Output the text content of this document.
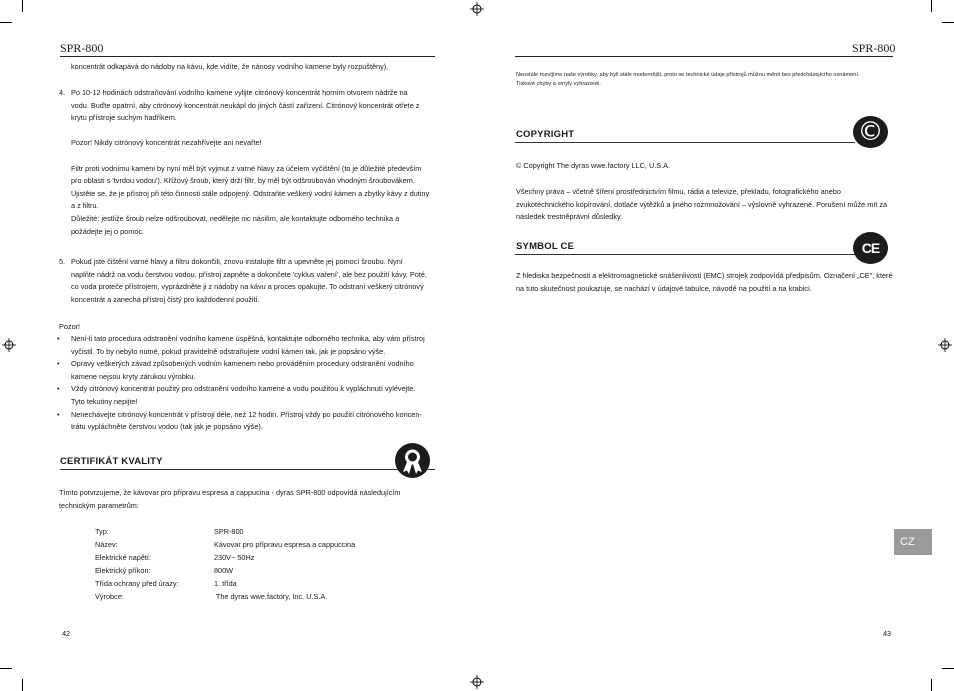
SPR-800
koncentrát odkapává do nádoby na kávu, kde vidíte, že nánosy vodního kamene byly rozpuštěny).
4. Po 10-12 hodinách odstraňování vodního kamene vylijte citrónový koncentrát horním otvorem nádrže na
vodu. Buďte opatrní, aby citrónový koncentrát neukápl do jiných částí zařízení. Citrónový koncentrát otřete z
krytu přístroje suchým hadříkem.
Pozor! Nikdy citrónový koncentrát nezahřívejte ani nevařte!
Filtr proti vodnímu kameni by nyní měl být vyjmut z varné hlavy za účelem vyčištění (to je důležité především
pro oblasti s 'tvrdou vodou'). Křížový šroub, který drží filtr, by měl být odšroubován vhodným šroubovákem.
Ujistěte se, že je přístroj při této činnosti stále odpojený. Odstraňte veškerý vodní kámen a zbytky kávy z dutiny
a z filtru.
Důležité: jestliže šroub nelze odšroubovat, nedělejte nic násilím, ale kontaktujte odborného technika a
požádejte jej o pomoc.
5. Pokud jste čištění varné hlavy a filtru dokončili, znovu instalujte filtr a upevněte jej pomocí šroubu. Nyní
naplňte nádrž na vodu čerstvou vodou, přístroj zapněte a dokončete 'cyklus vaření', ale bez použití kávy. Poté,
co voda proteče přístrojem, vyprázdněte ji z nádoby na kávu a proces opakujte. To odstraní veškerý citrónový
koncentrát a zanechá přístroj čistý pro každodenní použití.
Pozor!
• Není-li tato procedura odstranění vodního kamene úspěšná, kontaktujte odborného technika, aby vám přístroj
vyčistil. To by nebylo nutné, pokud pravidelně odstraňujete vodní kámen tak, jak je popsáno výše.
• Opravy veškerých závad způsobených vodním kamenem nebo prováděním procedury odstranění vodního
kamene nejsou kryty zárukou výrobku.
• Vždy citrónový koncentrát použitý pro odstranění vodního kamene a vodu použitou k vypláchnutí vylévejte.
Tyto tekutiny nepijte!
• Nenechávejte citrónový koncentrát v přístroji déle, než 12 hodin. Přístroj vždy po použití citrónového koncen-
trátu vypláchněte čerstvou vodou (tak jak je popsáno výše).
CERTIFIKÁT KVALITY
Tímto potvrzujeme, že kávovar pro přípravu espresa a cappucina - dyras SPR-800 odpovídá následujícím
technickým parametrům:
Typ:	SPR-800
Název:	Kávovar pro přípravu espresa a cappuccina
Elektrické napětí:	230V~ 50Hz
Elektrický příkon:	800W
Třída ochrany před úrazy:	1. třída
Výrobce:	The dyras wwe.factory, Inc. U.S.A.
42
SPR-800
Neustále rozvíjíme naše výrobky, aby byli stále modernější, proto se technické údaje přístrojů můžou měnit bez předcházejícího oznámení.
Tiskové chyby a omyly vyhrazené.
COPYRIGHT	©
© Copyright The dyras wwe.factory LLC, U.S.A.
Všechny práva – včetně šíření prostřednictvím filmu, rádia a televize, překladu, fotografického anebo
zvukotechnického kopírování, dotlače výtěžků a jiného rozmnožování – výslovně vyhrazené. Porušení může mít za
následek trestněprávní důsledky.
SYMBOL CE	CE
Z hlediska bezpečnosti a elektromagnetické snášenlivosti (EMC) strojek zodpovídá předpisům. Označení „CE", které
na tuto skutečnost poukazuje, se nachází v údajové tabulce, návodě na použití a na krabici.
CZ
43
